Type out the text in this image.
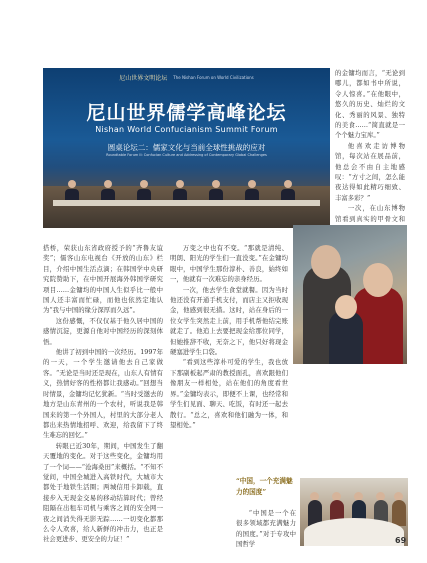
尼山世界文明论坛 The Nishan Forum on World Civilizations
尼山世界儒学高峰论坛
Nishan World Confucianism Summit Forum
圆桌论坛二：儒家文化与当前全球性挑战的应对
Roundtable Forum II: Confucian Culture and Addressing of Contemporary Global Challenges

的金镛均而言，“无论到哪儿，都如书中所说，令人惊喜。”在他眼中，悠久的历史、灿烂的文化、秀丽的风景、独特的美食……“简直就是一个个魅力宝库。”

他喜欢走访博物馆，每次站在展品前，他总会不由自主地感叹：“方寸之间，怎么能夜达得如此精巧细致、丰富多彩？”

一次，在山东博物馆看到真实的甲骨文和

搭桥，荣获山东省政府授予的“齐鲁友谊奖”；儒客山东电视台《开放的山东》栏目，介绍中国生活点滴；在韩国学中央研究院赞助下，在中国开展海外韩国学研究项目……金镛均的中国人生似乎比一般中国人还丰富而忙碌，而他也依然定地认为“我与中国的缘分深厚而久远”。

这份感慨，不仅仅基于他久居中国的感情沉淀，更源自他对中国经历的深刻体悟。

他讲了初到中国的一次经历。1997年的一天，一个学生邀请他去自己家做客。“无论是当时还是现在，山东人有情有义，热情好客的性格都让我感动。”回想当时情景，金镛均记忆犹新。“当时受邀去的地方是山东青州的一个农村，听说我是韩国来的第一个外国人，村里的大部分老人都出来热情地招呼、欢迎，给我留下了终生难忘的回忆。”

转眼已近30年，期间，中国发生了翻天覆地的变化。对于这些变化，金镛均用了一个词——“沧海桑田”来概括。“不知不觉间，中国全城进入高铁时代，大城市大都处于地铁生活圈；两城信用卡卸载，直接步入无现金交易的移动结算时代；曾经阻隔在出租车司机与乘客之间的安全网一夜之间消失得无影无踪……一切变化都那么令人欢喜，给人新鲜的冲击力，也正是社会更进步、更安全的力证！”

万变之中也有不变。“那就是清纯、明朗、阳光的学生们一直没变。”在金镛均眼中，中国学生那份淳朴、善良，始终如一，他就有一次难忘的亲身经历。

一次，他去学生食堂就餐。因为当时他还没有开通手机支付，而店主又拒收现金，他感到很无措。这时，站在身后的一位女学生突然走上前，用手机帮他结完账就走了。他追上去要把现金给那位同学，但她推辞不收，无奈之下，他只好将现金硬塞进学生口袋。

“看到这些淳朴可爱的学生，我也放下那副板起严肃的教授面孔，喜欢跟他们像朋友一样相处，站在他们的角度看世界。”金镛均表示，即便不上课，也经常和学生们见面、聊天、吃饭，有时还一起去散行。“总之，喜欢和他们融为一体，和望相处。”

“中国，一个充满魅力的国度”

“中国是一个在很多领域都充满魅力的国度。”对于专攻中国哲学	69
